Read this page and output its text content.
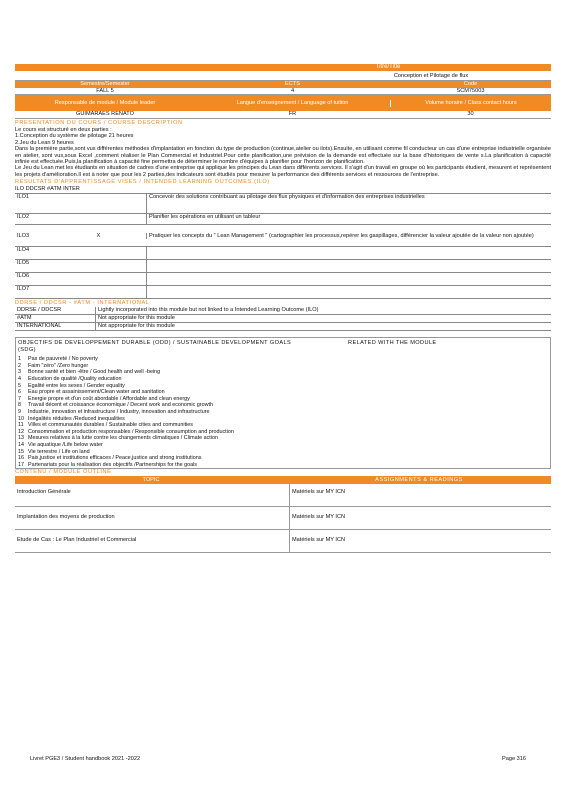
Titre/Title
Conception et Pilotage de flux
Semestre/Semester	ECTS	Code
FALL 5	4	SCM75003
Responsable de module / Module leader	Langue d'enseignement / Language of tuition	Volume horaire / Class contact hours
GUIMARAES RENATO	FR	30
PRESENTATION DU COURS / COURSE DESCRIPTION

Le cours est structuré en deux parties :

1.Conception du système de pilotage 21 heures

2.Jeu du Lean 9 heures

Dans la première partie,sont vus différentes méthodes d'implantation en fonction du type de production (continue,atelier ou ilots).Ensuite, en utilisant comme fil conducteur un cas d'une entreprise industrielle organisée en atelier, sont vus,sous Excel ,comment réaliser le Plan Commercial et Industriel.Pour cette planification,une prévision de la demande est effectuée sur la base d'historiques de vente s.La planification à capacité infinie est effectuée.Puis,la planification à capacité fine permettra de déterminer le nombre d'équipes à planifier pour l'horizon de planification.

Le Jeu du Lean met les étudiants en situation de cadres d'une entreprise qui applique les principes du Lean dans différents services. Il s'agit d'un travail en groupe où les participants étudient, mesurent et représentent les projets d'amélioration.Il est à noter que pour les 2 parties,des indicateurs sont étudiés pour mesurer la performance des différents services et ressources de l'entreprise.

RESULTATS D'APPRENTISSAGE VISES / INTENDED LEARNING OUTCOMES (ILO)
ILO DDCSR #ATM INTER
ILO1	Concevoir des solutions contribuant au pilotage des flux physiques et d'information des entreprises industrielles
ILO2	Planifier les opérations en utilisant un tableur
ILO3	X	Pratiquer les concepts du " Lean Management " (cartographier les processus,repérer les gaspillages, différencier la valeur ajoutée de la valeur non ajoutée)
ILO4
ILO5
ILO6
ILO7
DDRSE / DDCSR - #ATM - INTERNATIONAL
DDRSE / DDCSR	Lightly incorporated into this module but not linked to a Intended Learning Outcome (ILO)
#ATM	Not appropriate for this module
INTERNATIONAL	Not appropriate for this module
OBJECTIFS DE DEVELOPPEMENT DURABLE (ODD) / SUSTAINABLE DEVELOPMENT GOALS (SDG)
RELATED WITH THE MODULE
1	Pas de pauvreté / No poverty
2	Faim "zéro" /Zero hunger
3	Bonne santé et bien -être / Good health and well -being
4	Education de qualité /Quality education
5	Egalité entre les sexes / Gender equality
6	Eau propre et assainissement/Clean water and sanitation
7	Energie propre et d'un coût abordable / Affordable and clean energy
8	Travail décent et croissance économique / Decent work and economic growth
9	Industrie, innovation et infrastructure / Industry, innovation and infrastructure
10 Inégalités réduites /Reduced inequalities
11 Villes et communautés durables / Sustainable cities and communities
12 Consommation et production responsables / Responsible consumption and production
13 Mesures relatives à la lutte contre les changements climatiques / Climate action
14 Vie aquatique /Life below water
15 Vie terrestre / Life on land
16 Paix,justice et institutions efficaces / Peace,justice and strong institutions
17 Partenariats pour la réalisation des objectifs /Partnerships for the goals
CONTENU / MODULE OUTLINE
TOPIC	ASSIGNMENTS & READINGS
Introduction Générale	Matériels sur MY ICN
Implantation des moyens de production	Matériels sur MY ICN
Etude de Cas : Le Plan Industriel et Commercial	Matériels sur MY ICN
Livret PGE3 / Student handbook 2021 -2022	Page 316
